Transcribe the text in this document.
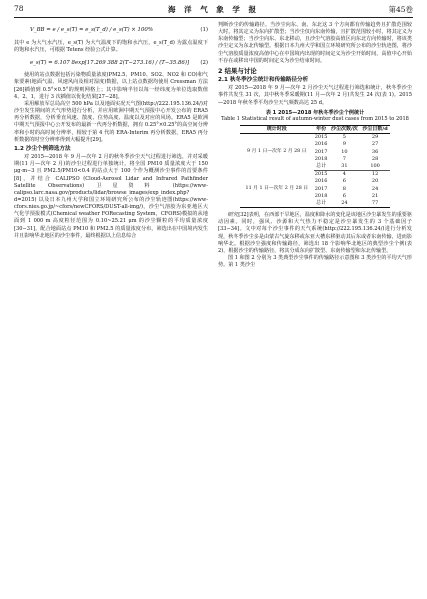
78	海 洋 气 象 学 报	第45卷
V_BB = e / e_s(T) = e_s(T_d) / e_s(T) × 100%	(1)

其中 e 为大气水汽压，e_s(T) 为大气温度下的饱和水汽压，e_s(T_d) 为露点温度下的饱和水汽压，可根据 Tetens 经验公式计算。

e_s(T) = 6.107 8exp[17.269 388 2(T−273.16) / (T−35.86)]	(2)

使用的站点数据包括污染物质量浓度(PM2.5、PM10、SO2、NO2 和 CO)和气象要素(地面气温、风速风向及相对湿度)数据，以上站点数据均使用 Cressman 方法[26]插值到 0.5°×0.5°的规则网格上；其中影响半径以每一经纬度为单位选取数值 4、2、1，进行 3 次插值以优化结果[27−28]。

采用解放军总局高空 500 hPa 以及地面实况天气图(http://222.195.136.24/)对沙尘发生期间的天气形势进行分析，并应用欧洲中期天气预报中心开发公布的 ERA5 再分析数据，分析垂直风速、散度、位势高度、温度以及对应的风场。ERA5 是欧洲中期天气预报中心公开发布的最新一代再分析数据，拥有 0.25°×0.25°的高空间分辨率和小时的高时间分辨率，相较于第 4 代的 ERA-Interim 再分析数据，ERA5 再分析数据的时空分辨率得到大幅提升[29]。

1.2 沙尘个例筛选方法

对 2015—2018 年 9 月—次年 2 月的秋冬季沙尘天气过程进行筛选，并对采暖期(11 月—次年 2 月)的沙尘过程进行单独统计。将全国 PM10 质量浓度大于 150 μg·m−3 且 PM2.5/PM10<0.4 的站点大于 100 个作为概测沙尘事件的首要条件[8]，并结合 CALIPSO (Cloud-Aerosol Lidar and Infrared Pathfinder Satellite Observations) 卫星资料 (https://www-calipso.larc.nasa.gov/products/lidar/browse_images/exp_index.php? d=2015) 以及日本九州大学和国立环境研究所公布的沙尘轨迹图(https://www-cfors.nies.go.jp/~cfors/newCFORS/DUST-all-img/)，沙尘气溶胶为东亚地区大气化学预报模式(Chemical weather FORecasting System，CFORS)模拟的从地面到 1 000 m 高度粒径范围为 0.10~25.21 μm 的沙尘颗粒的平均质量浓度[30−31]，配合地面站点 PM10 和 PM2.5 的质量浓度分布，筛选出在中国境内发生并且影响华北地区的沙尘事件，最终根据以上信息综合

判断沙尘的传输路径。当沙尘向东、南、东北这 3 个方向都有传输趋势且扩散范围较大时，将其定义为东向扩散型；当沙尘仅向东南传输，且扩散范围较小时，将其定义为东南传输型；当沙尘向东、东北移动，且沙尘气溶胶高值区向东北方向传输时，将该类沙尘定义为东北传输型。根据日本九州大学和国立环境研究所公布的沙尘轨迹图，将沙尘气溶胶质量浓度高值中心在中国境内出现的时间定义为沙尘开始时间，高值中心开始不存在或移出中国的时间定义为沙尘结束时间。

2 结果与讨论
2.1 秋冬季沙尘统计和传输路径分析

对 2015—2018 年 9 月—次年 2 月沙尘天气过程进行筛选和统计，秋冬季沙尘事件共发生 31 次，其中秋冬季采暖期(11 月—次年 2 月)共发生 24 次(表 1)。2015—2018 年秋冬季平均沙尘天气频数高达 25 d。

表 1 2015—2018 年秋冬季沙尘个例统计
Table 1 Statistical result of autumn-winter dust cases from 2015 to 2018
统计时段	年份	沙尘次数/次	沙尘日数/d
9 月 1 日—次年 2 月 28 日	2015	5	29
	2016	9	27
	2017	10	36
	2018	7	28
	总计	31	100
11 月 1 日—次年 2 月 28 日	2015	4	12
	2016	6	20
	2017	8	24
	2018	6	21
	总计	24	77

研究[32]表明，在西部干旱地区，温度和降水的变化是该地区沙尘暴发生的重要驱动因素。同时，强风、沙源和大气热力不稳定是沙尘暴发生的 3 个基础因子[33−34]。文中对每个沙尘事件的天气系统(http://222.195.136.24/)进行分析发现，秋冬季沙尘多是由蒙古气旋东移或东亚大槽东移驱动其后东或者东南传输，进而影响华北。根据沙尘强度和传输路径，筛选出 18 个影响华北地区的典型沙尘个例(表 2)，根据沙尘的传输路径，将其分成东向扩散型、东南传输型和东北传输型。

图 1 和图 2 分别为 3 类典型沙尘事件的传输路径示意图和 3 类沙尘的平均天气形势。第 1 类沙尘
